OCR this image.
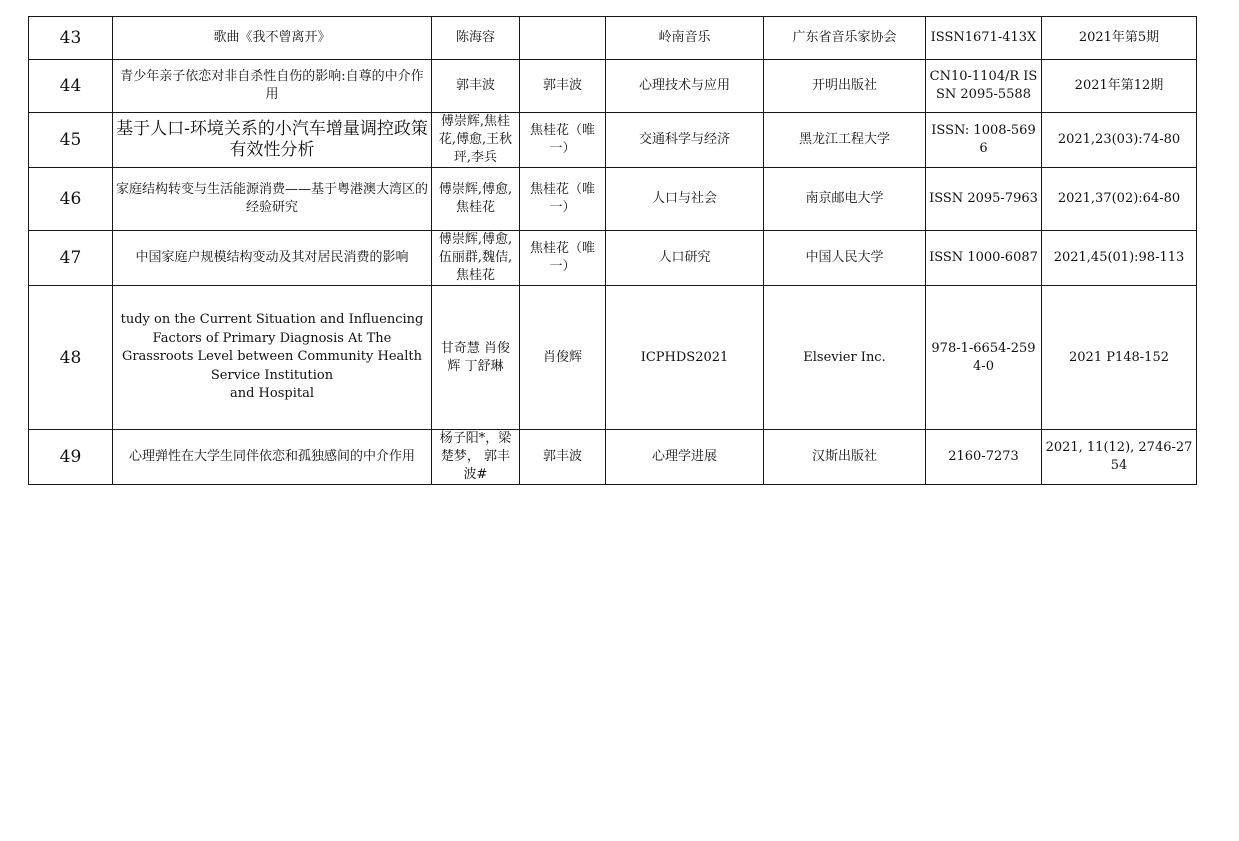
43	歌曲《我不曾离开》	陈海容		岭南音乐	广东省音乐家协会	ISSN1671-413X	2021年第5期
44	青少年亲子依恋对非自杀性自伤的影响:自尊的中介作用	郭丰波	郭丰波	心理技术与应用	开明出版社	CN10-1104/R ISSN 2095-5588	2021年第12期
45	基于人口-环境关系的小汽车增量调控政策有效性分析	傅崇辉,焦桂花,傅愈,王秋玶,李兵	焦桂花（唯一）	交通科学与经济	黑龙江工程大学	ISSN: 1008-5696	2021,23(03):74-80
46	家庭结构转变与生活能源消费——基于粤港澳大湾区的经验研究	傅崇辉,傅愈,焦桂花	焦桂花（唯一）	人口与社会	南京邮电大学	ISSN 2095-7963	2021,37(02):64-80
47	中国家庭户规模结构变动及其对居民消费的影响	傅崇辉,傅愈,伍丽群,魏佶,焦桂花	焦桂花（唯一）	人口研究	中国人民大学	ISSN 1000-6087	2021,45(01):98-113
48	tudy on the Current Situation and Influencing
Factors of Primary Diagnosis At The Grassroots Level between Community Health Service Institution
and Hospital	甘奇慧 肖俊辉 丁舒琳	肖俊辉	ICPHDS2021	Elsevier Inc.	978-1-6654-2594-0	2021 P148-152
49	心理弹性在大学生同伴依恋和孤独感间的中介作用	杨子阳*，梁楚梦， 郭丰波#	郭丰波	心理学进展	汉斯出版社	2160-7273	2021, 11(12), 2746-2754
